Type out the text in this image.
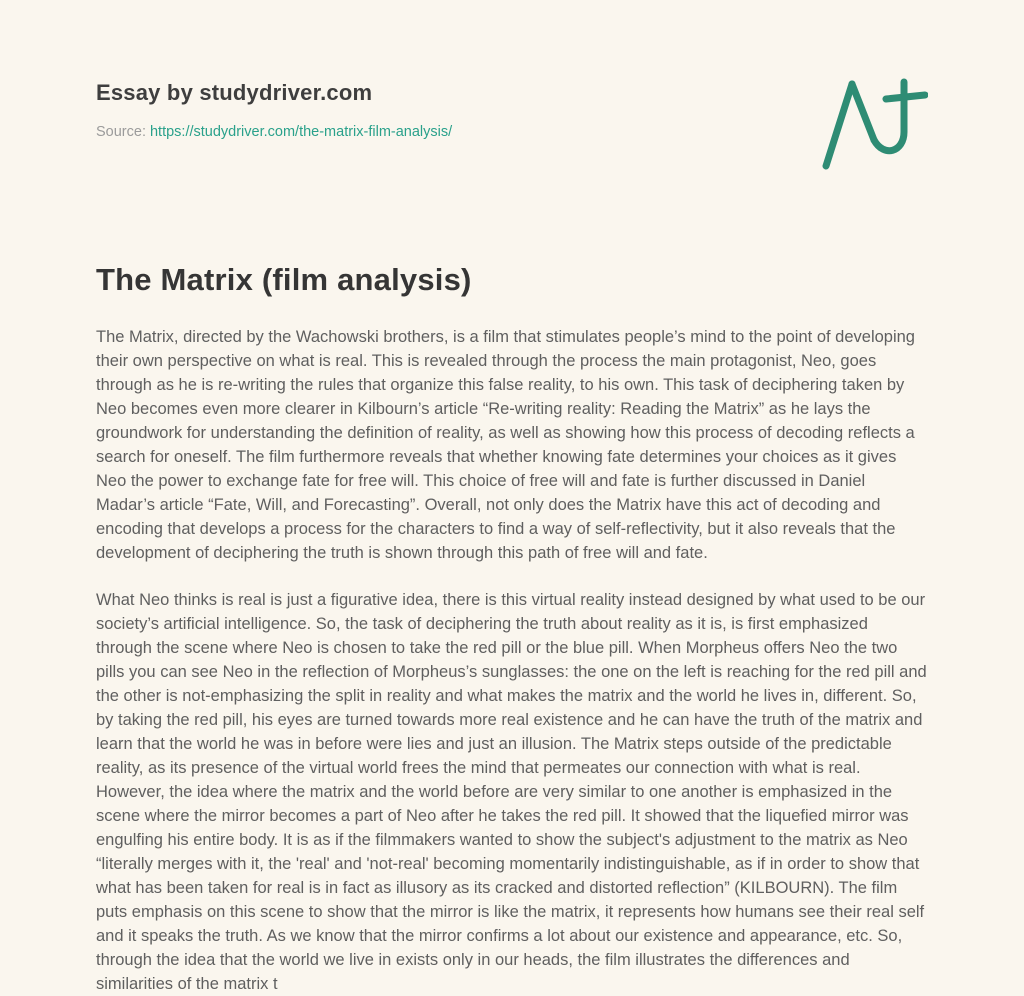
Essay by studydriver.com

Source: https://studydriver.com/the-matrix-film-analysis/

The Matrix (film analysis)

The Matrix, directed by the Wachowski brothers, is a film that stimulates people’s mind to the point of developing their own perspective on what is real. This is revealed through the process the main protagonist, Neo, goes through as he is re-writing the rules that organize this false reality, to his own. This task of deciphering taken by Neo becomes even more clearer in Kilbourn’s article “Re-writing reality: Reading the Matrix” as he lays the groundwork for understanding the definition of reality, as well as showing how this process of decoding reflects a search for oneself. The film furthermore reveals that whether knowing fate determines your choices as it gives Neo the power to exchange fate for free will. This choice of free will and fate is further discussed in Daniel Madar’s article “Fate, Will, and Forecasting”. Overall, not only does the Matrix have this act of decoding and encoding that develops a process for the characters to find a way of self-reflectivity, but it also reveals that the development of deciphering the truth is shown through this path of free will and fate.

What Neo thinks is real is just a figurative idea, there is this virtual reality instead designed by what used to be our society’s artificial intelligence. So, the task of deciphering the truth about reality as it is, is first emphasized through the scene where Neo is chosen to take the red pill or the blue pill. When Morpheus offers Neo the two pills you can see Neo in the reflection of Morpheus’s sunglasses: the one on the left is reaching for the red pill and the other is not-emphasizing the split in reality and what makes the matrix and the world he lives in, different. So, by taking the red pill, his eyes are turned towards more real existence and he can have the truth of the matrix and learn that the world he was in before were lies and just an illusion. The Matrix steps outside of the predictable reality, as its presence of the virtual world frees the mind that permeates our connection with what is real. However, the idea where the matrix and the world before are very similar to one another is emphasized in the scene where the mirror becomes a part of Neo after he takes the red pill. It showed that the liquefied mirror was engulfing his entire body. It is as if the filmmakers wanted to show the subject's adjustment to the matrix as Neo “literally merges with it, the 'real' and 'not-real' becoming momentarily indistinguishable, as if in order to show that what has been taken for real is in fact as illusory as its cracked and distorted reflection” (KILBOURN). The film puts emphasis on this scene to show that the mirror is like the matrix, it represents how humans see their real self and it speaks the truth. As we know that the mirror confirms a lot about our existence and appearance, etc. So, through the idea that the world we live in exists only in our heads, the film illustrates the differences and similarities of the matrix t
